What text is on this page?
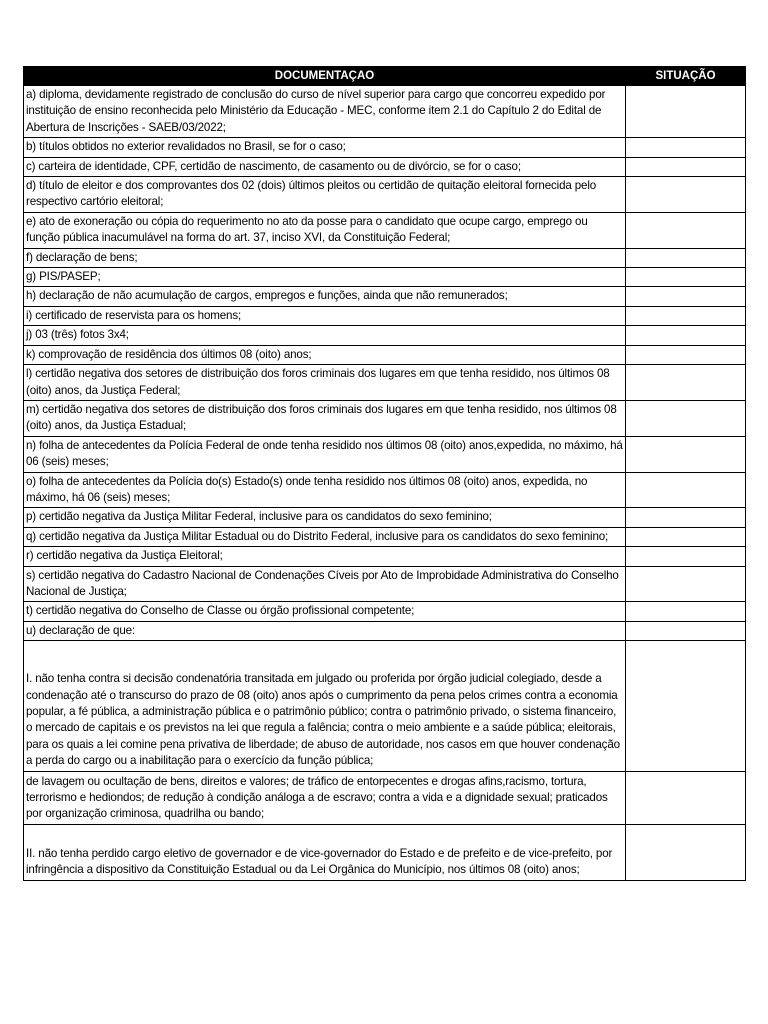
DOCUMENTAÇAO	SITUAÇÃO
a) diploma, devidamente registrado de conclusão do curso de nível superior para cargo que concorreu expedido por instituição de ensino reconhecida pelo Ministério da Educação - MEC, conforme item 2.1 do Capítulo 2 do Edital de Abertura de Inscrições - SAEB/03/2022;	
b) títulos obtidos no exterior revalidados no Brasil, se for o caso;	
c) carteira de identidade, CPF, certidão de nascimento, de casamento ou de divórcio, se for o caso;	
d) título de eleitor e dos comprovantes dos 02 (dois) últimos pleitos ou certidão de quitação eleitoral fornecida pelo respectivo cartório eleitoral;	
e) ato de exoneração ou cópia do requerimento no ato da posse para o candidato que ocupe cargo, emprego ou função pública inacumulável na forma do art. 37, inciso XVI, da Constituição Federal;	
f) declaração de bens;	
g) PIS/PASEP;	
h) declaração de não acumulação de cargos, empregos e funções, ainda que não remunerados;	
i) certificado de reservista para os homens;	
j) 03 (três) fotos 3x4;	
k) comprovação de residência dos últimos 08 (oito) anos;	
l) certidão negativa dos setores de distribuição dos foros criminais dos lugares em que tenha residido, nos últimos 08 (oito) anos, da Justiça Federal;	
m) certidão negativa dos setores de distribuição dos foros criminais dos lugares em que tenha residido, nos últimos 08 (oito) anos, da Justiça Estadual;	
n) folha de antecedentes da Polícia Federal de onde tenha residido nos últimos 08 (oito) anos,expedida, no máximo, há 06 (seis) meses;	
o) folha de antecedentes da Polícia do(s) Estado(s) onde tenha residido nos últimos 08 (oito) anos, expedida, no máximo, há 06 (seis) meses;	
p) certidão negativa da Justiça Militar Federal, inclusive para os candidatos do sexo feminino;	
q) certidão negativa da Justiça Militar Estadual ou do Distrito Federal, inclusive para os candidatos do sexo feminino;	
r) certidão negativa da Justiça Eleitoral;	
s) certidão negativa do Cadastro Nacional de Condenações Cíveis por Ato de Improbidade Administrativa do Conselho Nacional de Justiça;	
t) certidão negativa do Conselho de Classe ou órgão profissional competente;	
u) declaração de que:	
I. não tenha contra si decisão condenatória transitada em julgado ou proferida por órgão judicial colegiado, desde a condenação até o transcurso do prazo de 08 (oito) anos após o cumprimento da pena pelos crimes contra a economia popular, a fé pública, a administração pública e o patrimônio público; contra o patrimônio privado, o sistema financeiro, o mercado de capitais e os previstos na lei que regula a falência; contra o meio ambiente e a saúde pública; eleitorais, para os quais a lei comine pena privativa de liberdade; de abuso de autoridade, nos casos em que houver condenação a perda do cargo ou a inabilitação para o exercício da função pública;	
de lavagem ou ocultação de bens, direitos e valores; de tráfico de entorpecentes e drogas afins,racismo, tortura, terrorismo e hediondos; de redução à condição análoga a de escravo; contra a vida e a dignidade sexual; praticados por organização criminosa, quadrilha ou bando;	
II. não tenha perdido cargo eletivo de governador e de vice-governador do Estado e de prefeito e de vice-prefeito, por infringência a dispositivo da Constituição Estadual ou da Lei Orgânica do Município, nos últimos 08 (oito) anos;	
